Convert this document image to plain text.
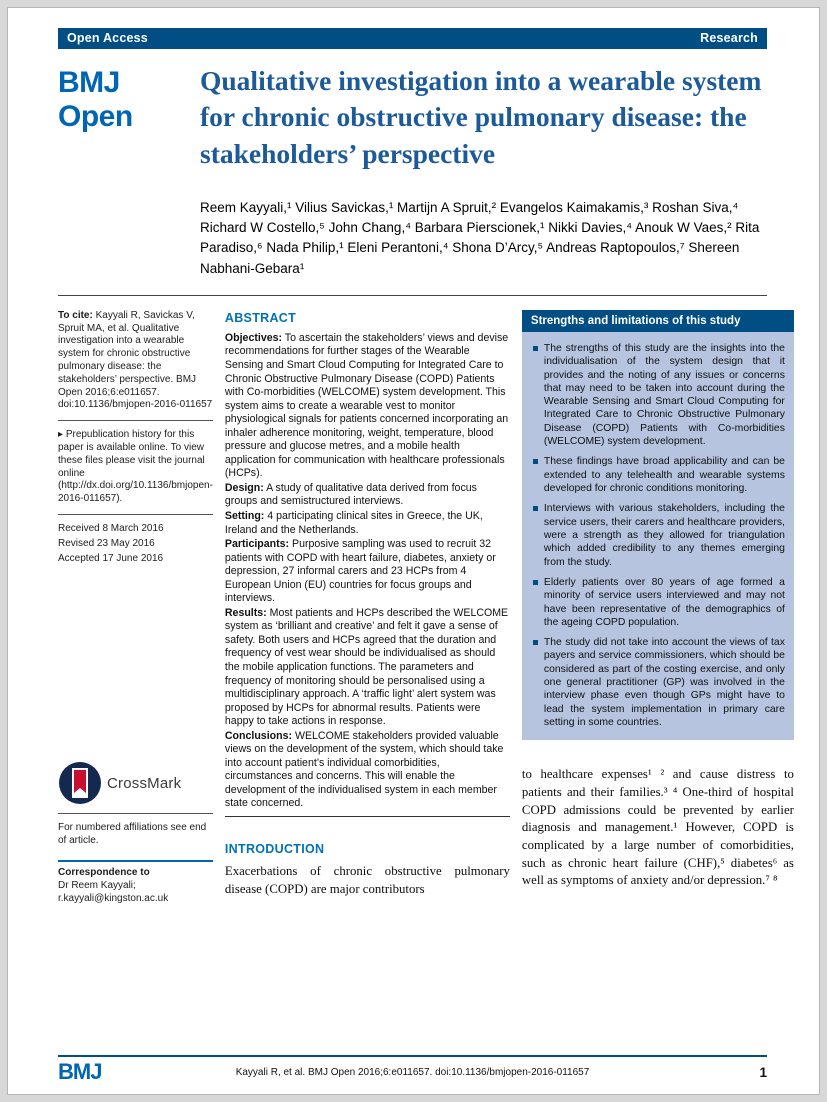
Open Access	Research
BMJ Open
Qualitative investigation into a wearable system for chronic obstructive pulmonary disease: the stakeholders’ perspective
Reem Kayyali,¹ Vilius Savickas,¹ Martijn A Spruit,² Evangelos Kaimakamis,³ Roshan Siva,⁴ Richard W Costello,⁵ John Chang,⁴ Barbara Pierscionek,¹ Nikki Davies,⁴ Anouk W Vaes,² Rita Paradiso,⁶ Nada Philip,¹ Eleni Perantoni,⁴ Shona D’Arcy,⁵ Andreas Raptopoulos,⁷ Shereen Nabhani-Gebara¹

To cite: Kayyali R, Savickas V, Spruit MA, et al. Qualitative investigation into a wearable system for chronic obstructive pulmonary disease: the stakeholders’ perspective. BMJ Open 2016;6:e011657. doi:10.1136/bmjopen-2016-011657

▸ Prepublication history for this paper is available online. To view these files please visit the journal online (http://dx.doi.org/10.1136/bmjopen-2016-011657).

Received 8 March 2016
Revised 23 May 2016
Accepted 17 June 2016
CrossMark

For numbered affiliations see end of article.

Correspondence to
Dr Reem Kayyali; r.kayyali@kingston.ac.uk

ABSTRACT

Objectives: To ascertain the stakeholders’ views and devise recommendations for further stages of the Wearable Sensing and Smart Cloud Computing for Integrated Care to Chronic Obstructive Pulmonary Disease (COPD) Patients with Co-morbidities (WELCOME) system development. This system aims to create a wearable vest to monitor physiological signals for patients concerned incorporating an inhaler adherence monitoring, weight, temperature, blood pressure and glucose metres, and a mobile health application for communication with healthcare professionals (HCPs).

Design: A study of qualitative data derived from focus groups and semistructured interviews.

Setting: 4 participating clinical sites in Greece, the UK, Ireland and the Netherlands.

Participants: Purposive sampling was used to recruit 32 patients with COPD with heart failure, diabetes, anxiety or depression, 27 informal carers and 23 HCPs from 4 European Union (EU) countries for focus groups and interviews.

Results: Most patients and HCPs described the WELCOME system as ‘brilliant and creative’ and felt it gave a sense of safety. Both users and HCPs agreed that the duration and frequency of vest wear should be individualised as should the mobile application functions. The parameters and frequency of monitoring should be personalised using a multidisciplinary approach. A ‘traffic light’ alert system was proposed by HCPs for abnormal results. Patients were happy to take actions in response.

Conclusions: WELCOME stakeholders provided valuable views on the development of the system, which should take into account patient’s individual comorbidities, circumstances and concerns. This will enable the development of the individualised system in each member state concerned.

INTRODUCTION

Exacerbations of chronic obstructive pulmonary disease (COPD) are major contributors

Strengths and limitations of this study
The strengths of this study are the insights into the individualisation of the system design that it provides and the noting of any issues or concerns that may need to be taken into account during the Wearable Sensing and Smart Cloud Computing for Integrated Care to Chronic Obstructive Pulmonary Disease (COPD) Patients with Co-morbidities (WELCOME) system development.
These findings have broad applicability and can be extended to any telehealth and wearable systems developed for chronic conditions monitoring.
Interviews with various stakeholders, including the service users, their carers and healthcare providers, were a strength as they allowed for triangulation which added credibility to any themes emerging from the study.
Elderly patients over 80 years of age formed a minority of service users interviewed and may not have been representative of the demographics of the ageing COPD population.
The study did not take into account the views of tax payers and service commissioners, which should be considered as part of the costing exercise, and only one general practitioner (GP) was involved in the interview phase even though GPs might have to lead the system implementation in primary care setting in some countries.

to healthcare expenses¹ ² and cause distress to patients and their families.³ ⁴ One-third of hospital COPD admissions could be prevented by earlier diagnosis and management.¹ However, COPD is complicated by a large number of comorbidities, such as chronic heart failure (CHF),⁵ diabetes⁶ as well as symptoms of anxiety and/or depression.⁷ ⁸

BMJ	Kayyali R, et al. BMJ Open 2016;6:e011657. doi:10.1136/bmjopen-2016-011657	1
